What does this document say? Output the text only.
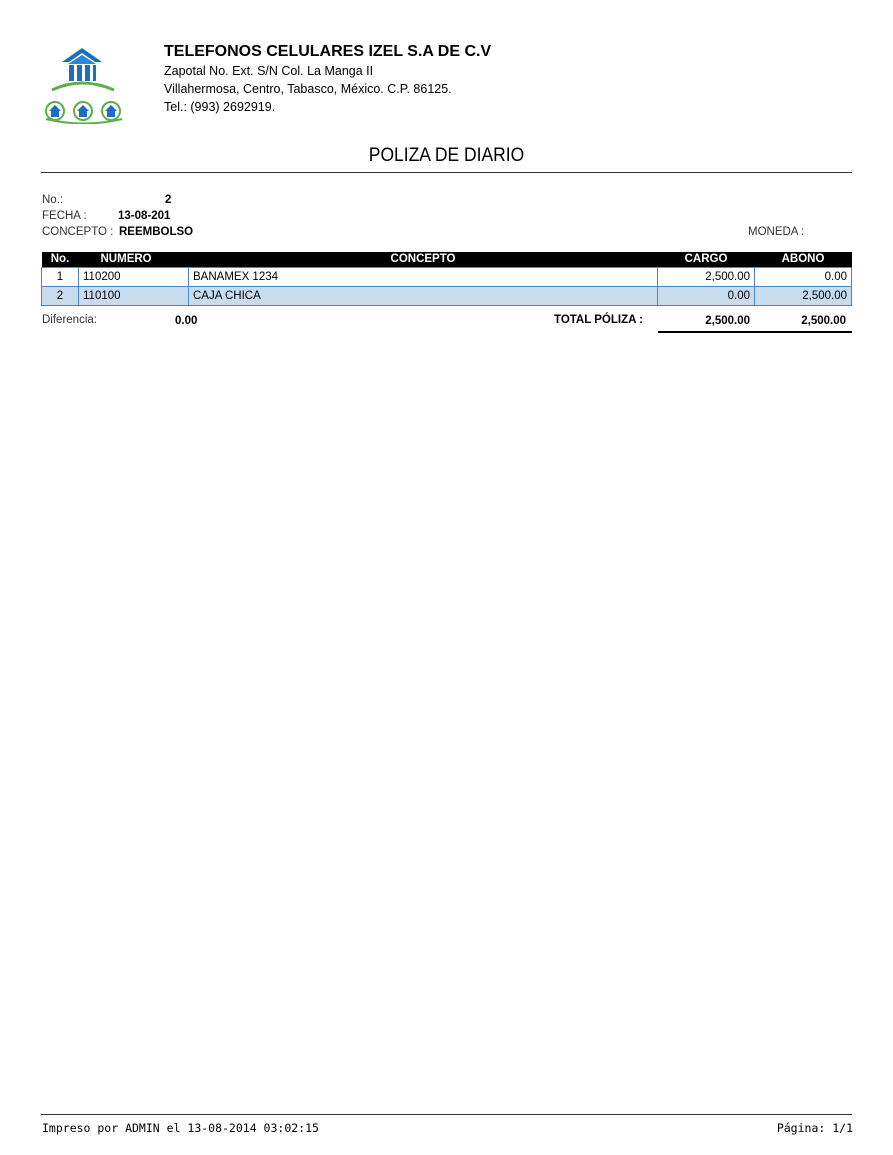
TELEFONOS CELULARES IZEL S.A DE C.V
Zapotal No. Ext. S/N Col. La Manga II
Villahermosa, Centro, Tabasco, México. C.P. 86125.
Tel.: (993) 2692919.
POLIZA DE DIARIO
No.:	2
FECHA :	13-08-201
CONCEPTO : REEMBOLSO	MONEDA :
No.	NUMERO	CONCEPTO	CARGO	ABONO
1	110200	BANAMEX 1234	2,500.00	0.00
2	110100	CAJA CHICA	0.00	2,500.00
Diferencia:	0.00	TOTAL PÓLIZA :	2,500.00	2,500.00
Impreso por ADMIN el 13-08-2014 03:02:15	Página: 1/1
